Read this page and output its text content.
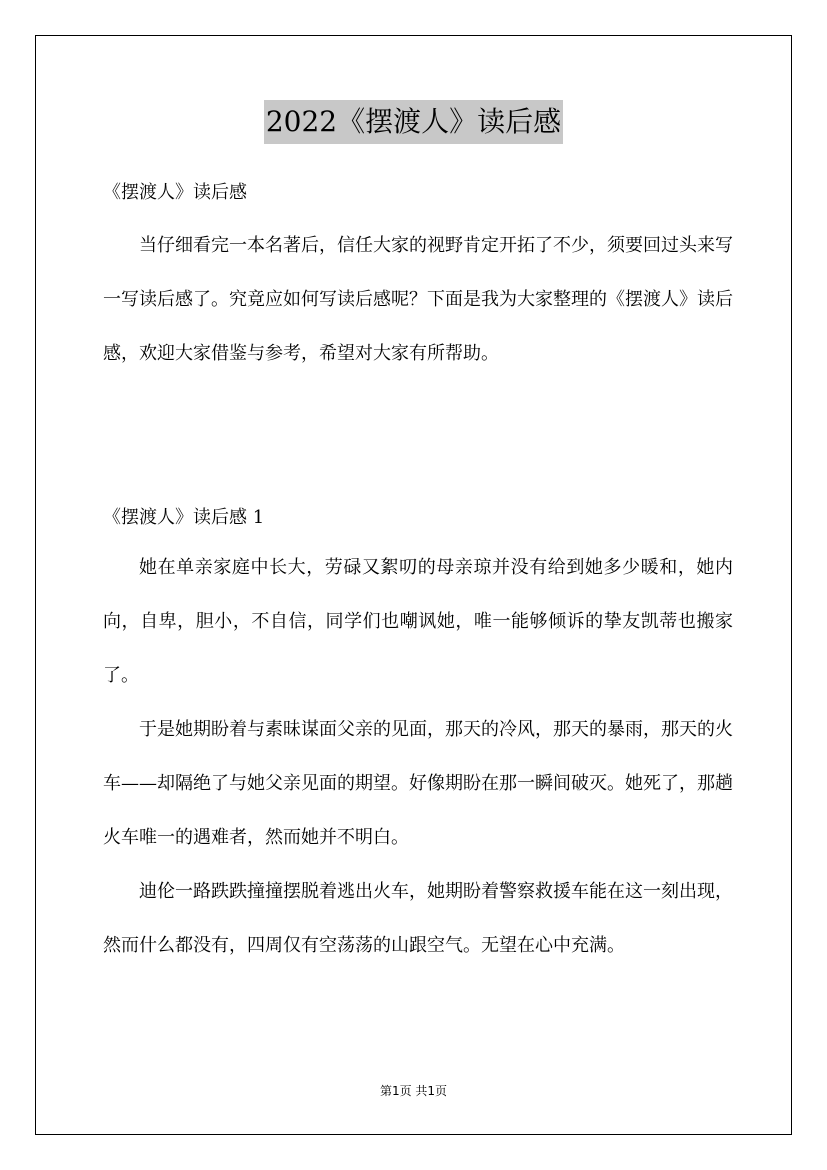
2022《摆渡人》读后感
《摆渡人》读后感

当仔细看完一本名著后，信任大家的视野肯定开拓了不少，须要回过头来写一写读后感了。究竟应如何写读后感呢？下面是我为大家整理的《摆渡人》读后感，欢迎大家借鉴与参考，希望对大家有所帮助。

《摆渡人》读后感 1

她在单亲家庭中长大，劳碌又絮叨的母亲琼并没有给到她多少暖和，她内向，自卑，胆小，不自信，同学们也嘲讽她，唯一能够倾诉的挚友凯蒂也搬家了。

于是她期盼着与素昧谋面父亲的见面，那天的冷风，那天的暴雨，那天的火车——却隔绝了与她父亲见面的期望。好像期盼在那一瞬间破灭。她死了，那趟火车唯一的遇难者，然而她并不明白。

迪伦一路跌跌撞撞摆脱着逃出火车，她期盼着警察救援车能在这一刻出现，然而什么都没有，四周仅有空荡荡的山跟空气。无望在心中充满。

第1页 共1页
